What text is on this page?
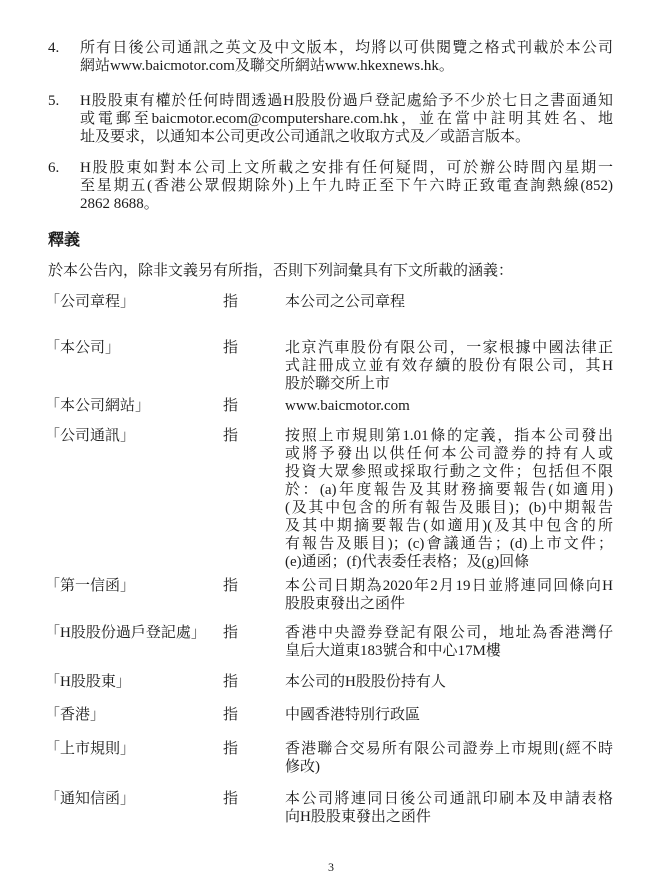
4. 所有日後公司通訊之英文及中文版本，均將以可供閱覽之格式刊載於本公司
網站www.baicmotor.com及聯交所網站www.hkexnews.hk。
5. H股股東有權於任何時間透過H股股份過戶登記處給予不少於七日之書面通知
或電郵至baicmotor.ecom@computershare.com.hk，並在當中註明其姓名、地
址及要求，以通知本公司更改公司通訊之收取方式及／或語言版本。
6. H股股東如對本公司上文所載之安排有任何疑問，可於辦公時間內星期一
至星期五(香港公眾假期除外)上午九時正至下午六時正致電查詢熱線(852)
2862 8688。
「公司章程」	指	本公司之公司章程
「本公司」	指	北京汽車股份有限公司，一家根據中國法律正
式註冊成立並有效存續的股份有限公司，其H
股於聯交所上市
「本公司網站」	指	www.baicmotor.com
「公司通訊」	指	按照上市規則第1.01條的定義，指本公司發出
或將予發出以供任何本公司證券的持有人或
投資大眾參照或採取行動之文件；包括但不限
於：(a)年度報告及其財務摘要報告(如適用)
(及其中包含的所有報告及賬目)；(b)中期報告
及其中期摘要報告(如適用)(及其中包含的所
有報告及賬目)；(c)會議通告；(d)上市文件；
(e)通函；(f)代表委任表格；及(g)回條
「第一信函」	指	本公司日期為2020年2月19日並將連同回條向H
股股東發出之函件
「H股股份過戶登記處」 指	香港中央證券登記有限公司，地址為香港灣仔
皇后大道東183號合和中心17M樓
「H股股東」	指	本公司的H股股份持有人
「香港」	指	中國香港特別行政區
「上市規則」	指	香港聯合交易所有限公司證券上市規則(經不時
修改)
「通知信函」	指	本公司將連同日後公司通訊印刷本及申請表格
向H股股東發出之函件
釋義
於本公告內，除非文義另有所指，否則下列詞彙具有下文所載的涵義：
3
